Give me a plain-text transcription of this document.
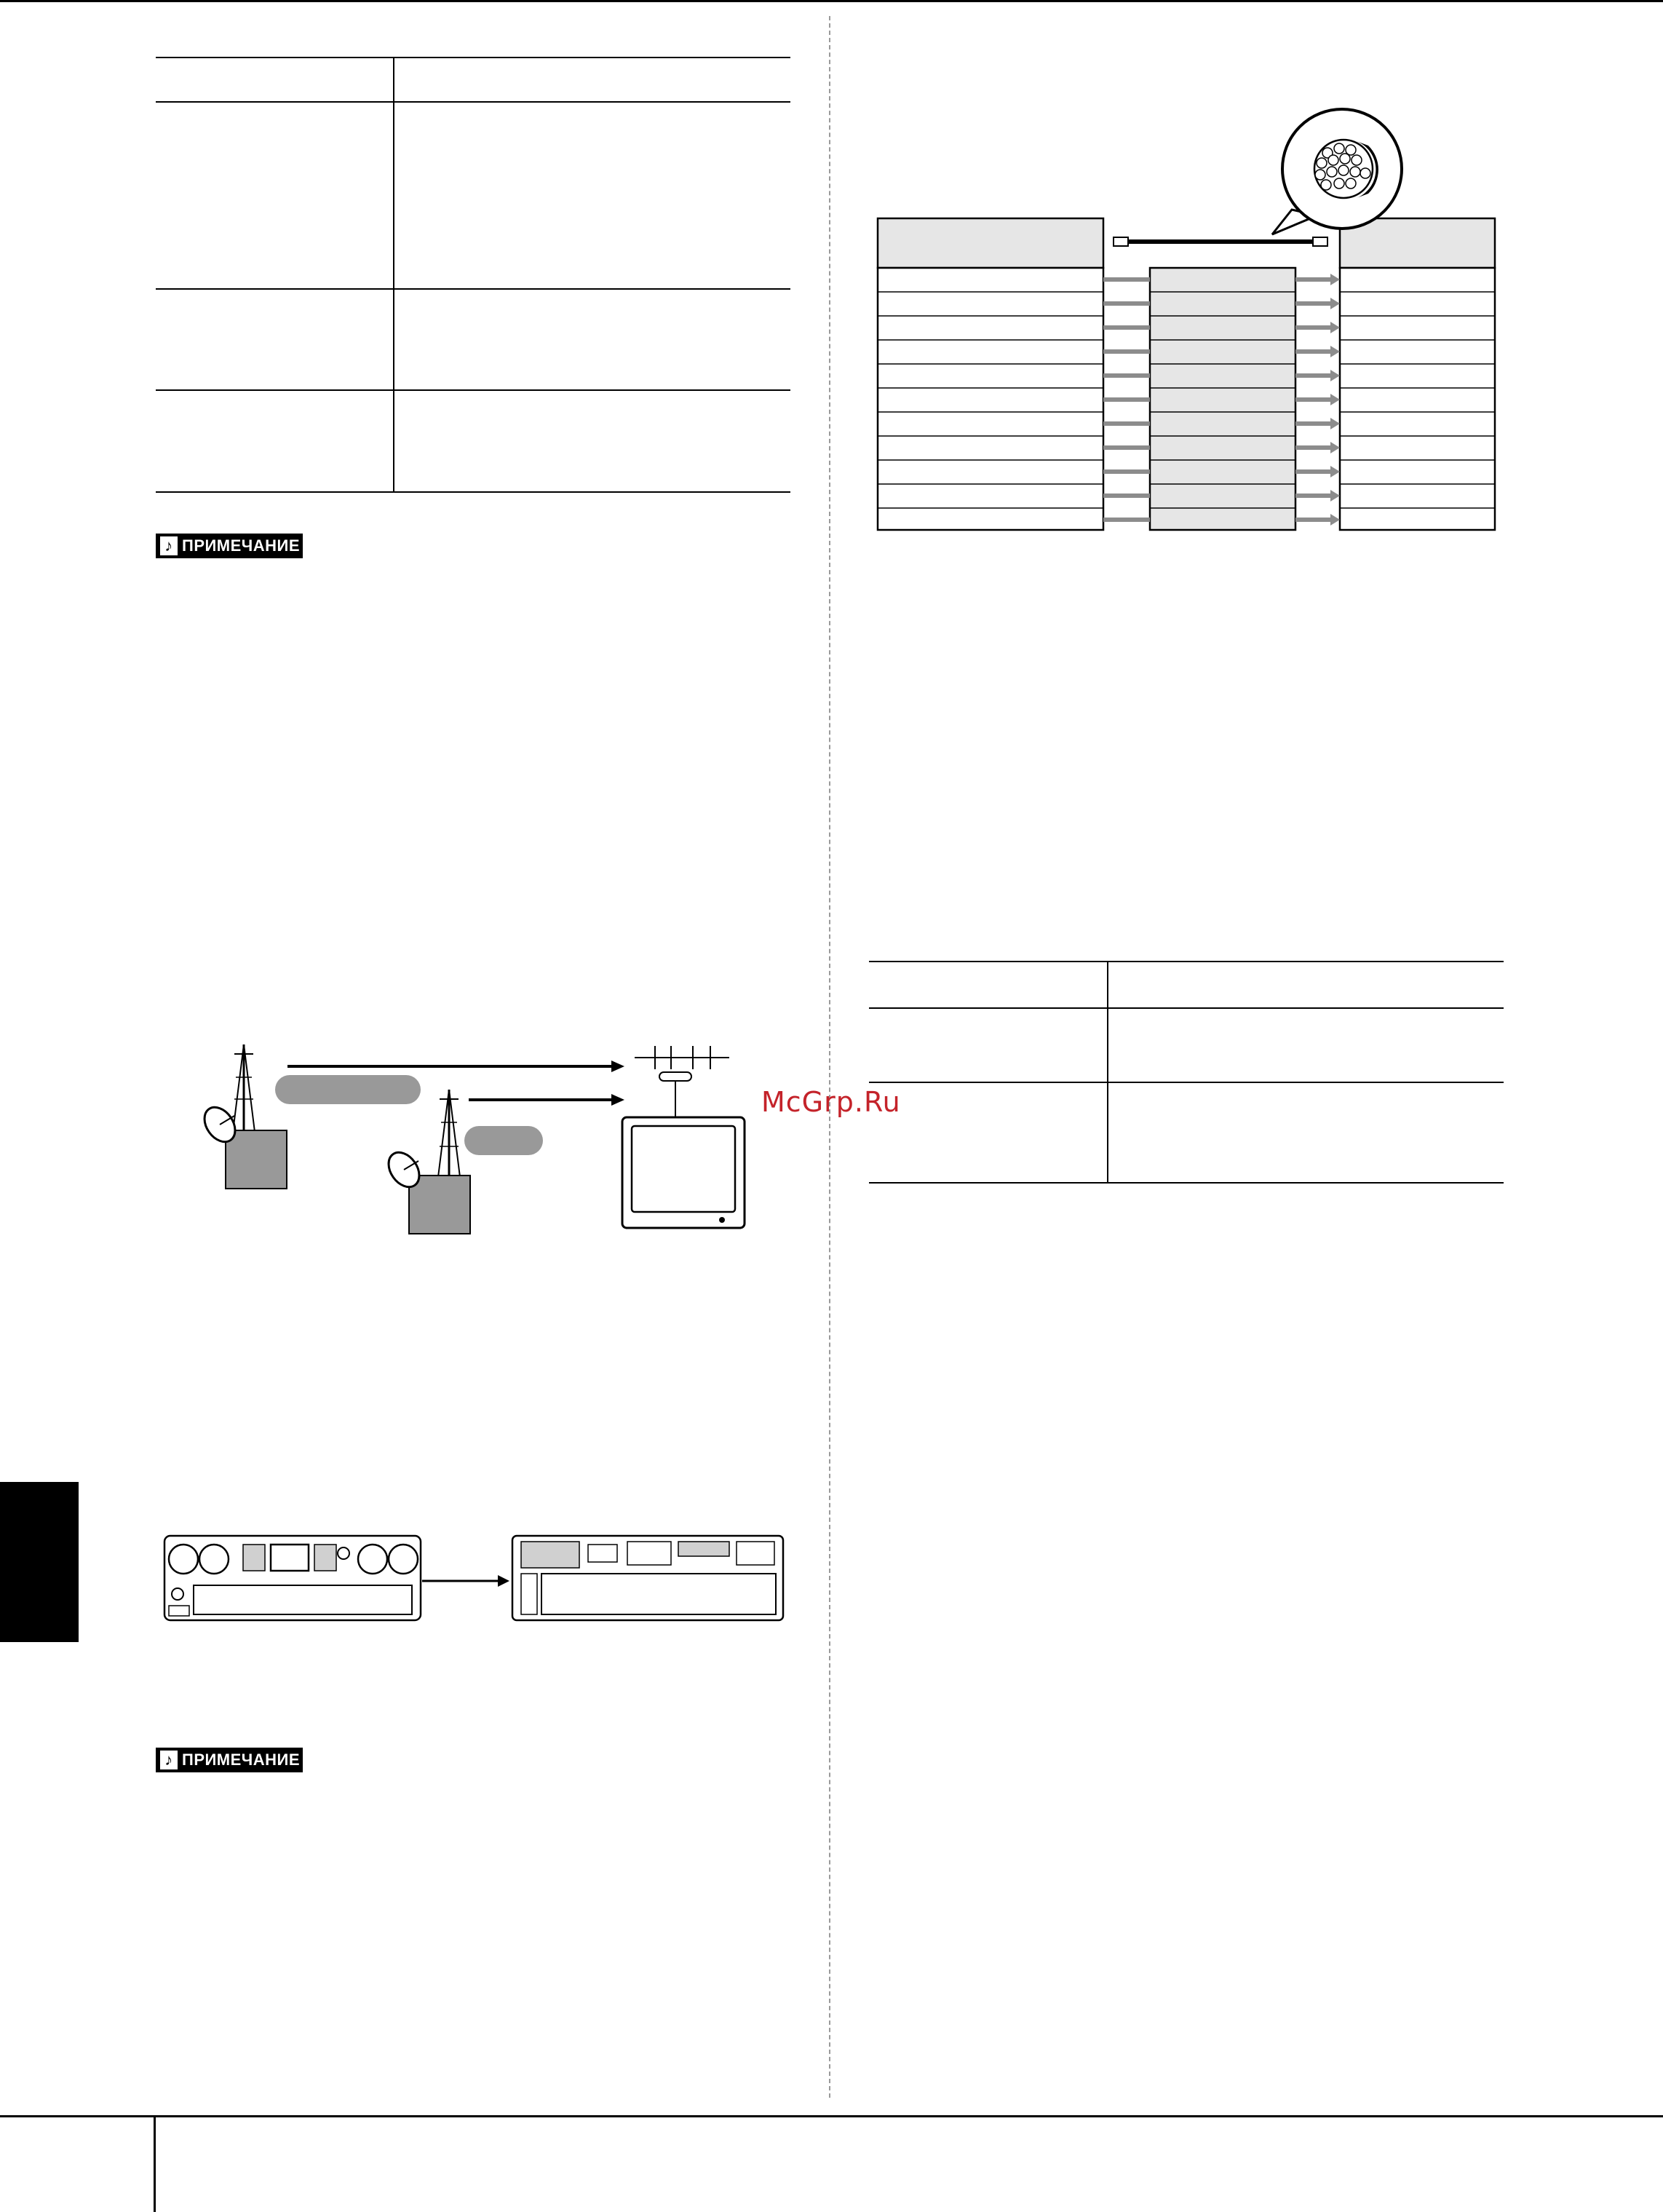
♪ ПРИМЕЧАНИЕ
♪ ПРИМЕЧАНИЕ
McGrp.Ru
